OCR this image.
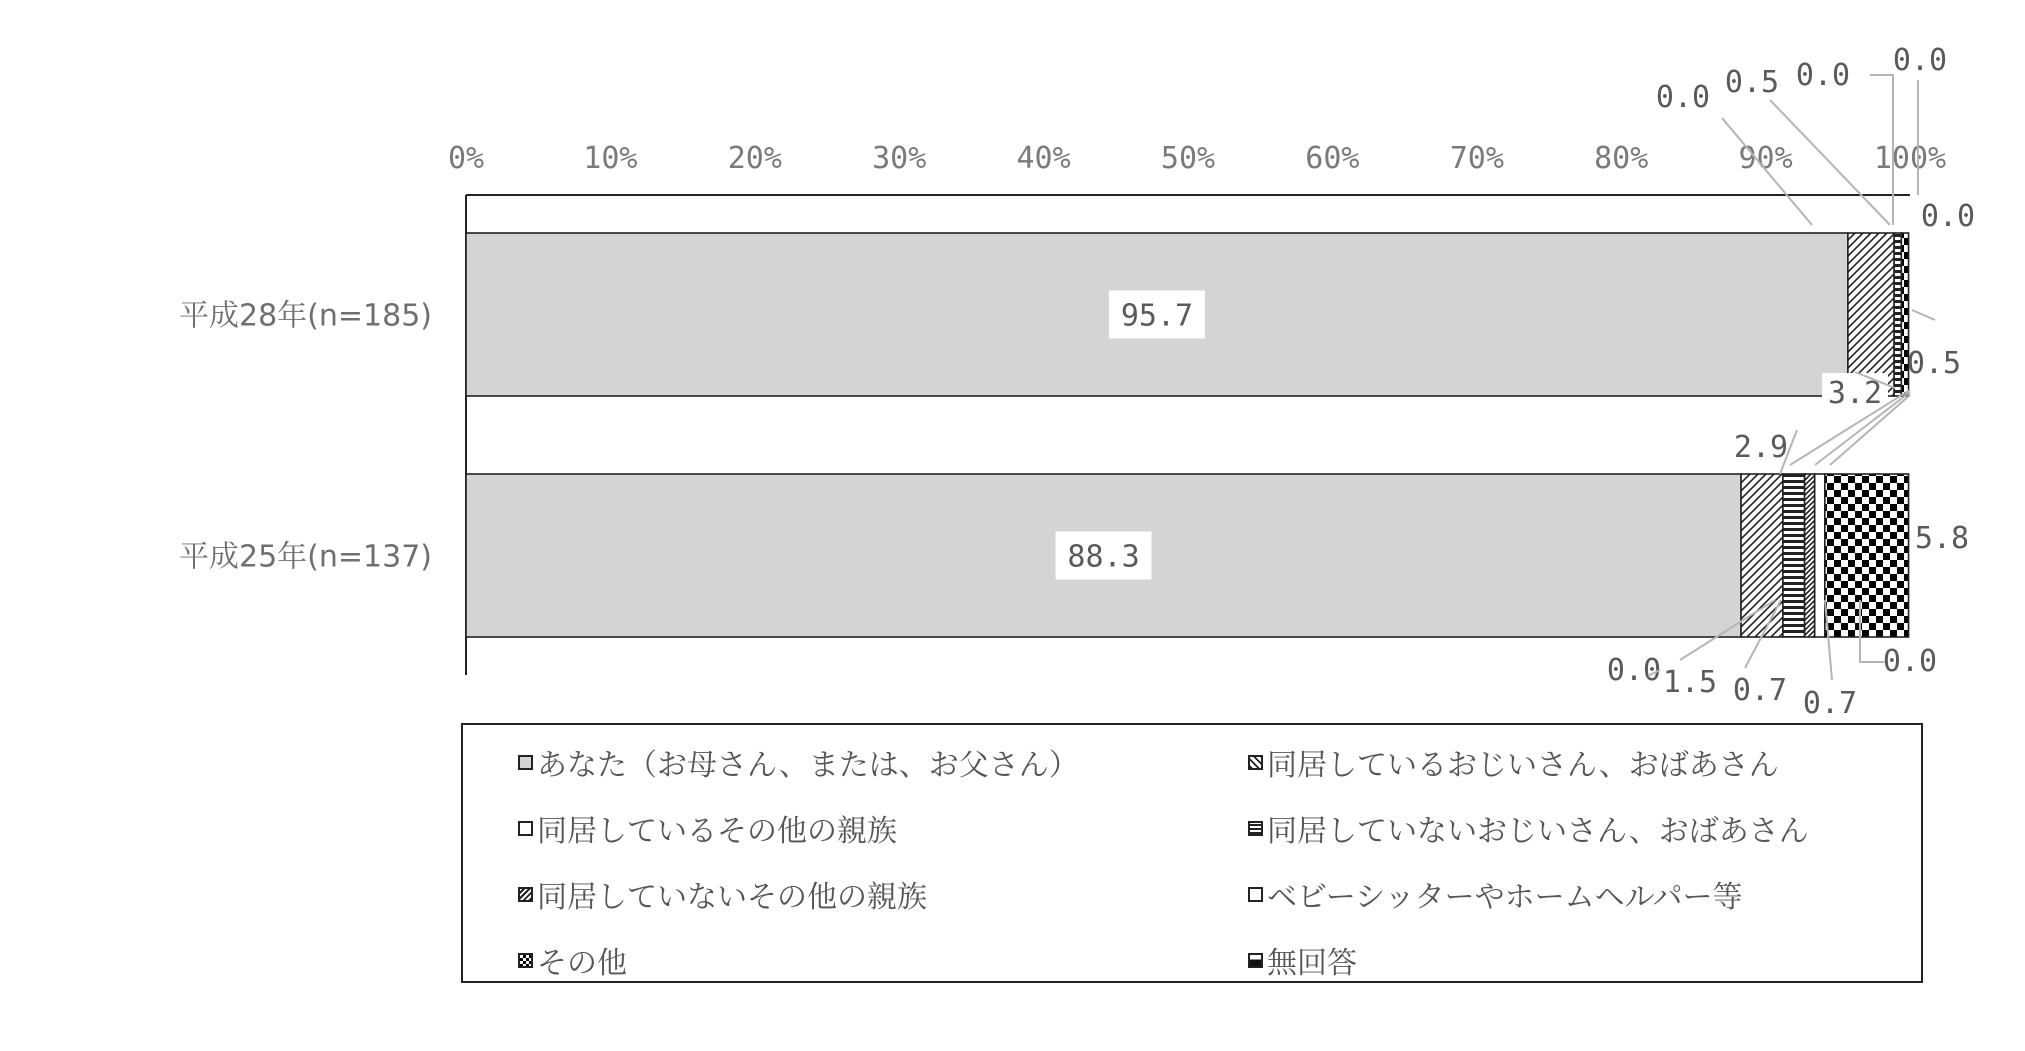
0%	10%	20%	30%	40%	50%	60%	70%	80%	90%	100%
平成28年(n=185)
平成25年(n=137)
95.7
88.3
3.2
0.0 0.5 0.0 0.0
0.5
0.0
2.9
5.8
0.0 1.5 0.7 0.7
0.0
あなた（お母さん、または、お父さん）	同居しているおじいさん、おばあさん
同居しているその他の親族	同居していないおじいさん、おばあさん
同居していないその他の親族	ベビーシッターやホームヘルパー等
その他	無回答
